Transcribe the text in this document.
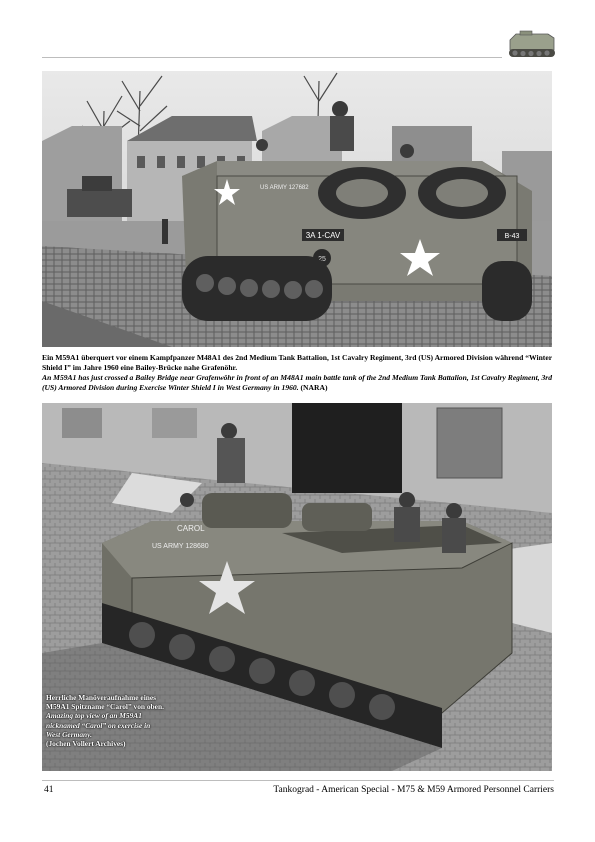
3A 1-CAV	B-43
25
US ARMY 127682
Ein M59A1 überquert vor einem Kampfpanzer M48A1 des 2nd Medium Tank Battalion, 1st Cavalry Regiment, 3rd (US) Armored Division während “Winter Shield I” im Jahre 1960 eine Bailey-Brücke nahe Grafenöhr.
An M59A1 has just crossed a Bailey Bridge near Grafenwöhr in front of an M48A1 main battle tank of the 2nd Medium Tank Battalion, 1st Cavalry Regiment, 3rd (US) Armored Division during Exercise Winter Shield I in West Germany in 1960. (NARA)
US ARMY 128680
CAROL
Herrliche Manöveraufnahme eines M59A1 Spitzname “Carol” von oben.
Amazing top view of an M59A1 nicknamed “Carol” on exercise in West Germany.
(Jochen Vollert Archives)
41	Tankograd - American Special - M75 & M59 Armored Personnel Carriers
